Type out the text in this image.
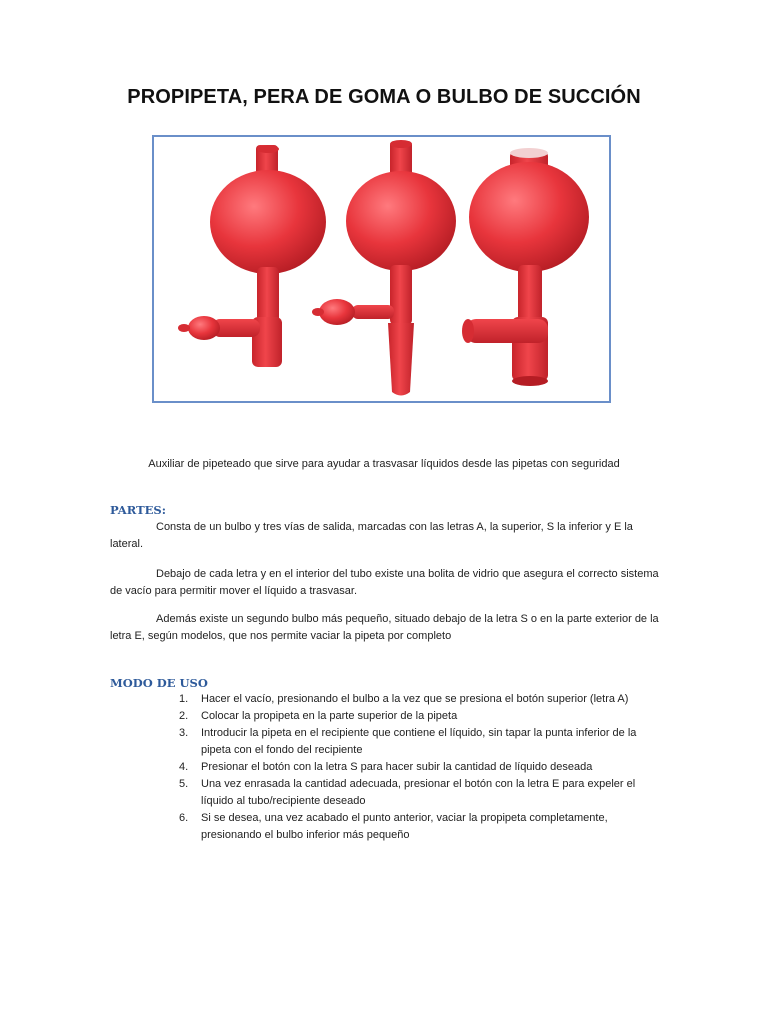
PROPIPETA, PERA DE GOMA O BULBO DE SUCCIÓN
Auxiliar de pipeteado que sirve para ayudar a trasvasar líquidos desde las pipetas con seguridad
PARTES:

Consta de un bulbo y tres vías de salida, marcadas con las letras A, la superior, S la inferior y E la lateral.

Debajo de cada letra y en el interior del tubo existe una bolita de vidrio que asegura el correcto sistema de vacío para permitir mover el líquido a trasvasar.

Además existe un segundo bulbo más pequeño, situado debajo de la letra S o en la parte exterior de la letra E, según modelos, que nos permite vaciar la pipeta por completo

MODO DE USO
1. Hacer el vacío, presionando el bulbo a la vez que se presiona el botón superior (letra A)
2. Colocar la propipeta en la parte superior de la pipeta
3. Introducir la pipeta en el recipiente que contiene el líquido, sin tapar la punta inferior de la pipeta con el fondo del recipiente
4. Presionar el botón con la letra S para hacer subir la cantidad de líquido deseada
5. Una vez enrasada la cantidad adecuada, presionar el botón con la letra E para expeler el líquido al tubo/recipiente deseado
6. Si se desea, una vez acabado el punto anterior, vaciar la propipeta completamente, presionando el bulbo inferior más pequeño
